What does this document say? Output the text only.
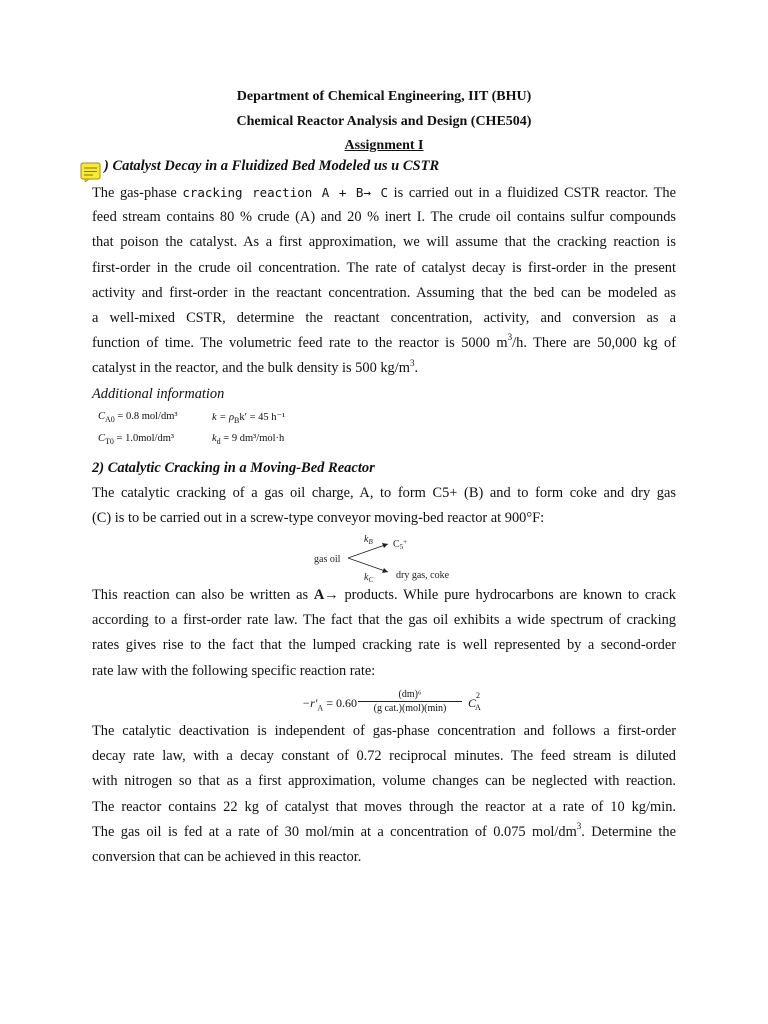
Department of Chemical Engineering, IIT (BHU)
Chemical Reactor Analysis and Design (CHE504)
Assignment I
) Catalyst Decay in a Fluidized Bed Modeled us u CSTR
The gas-phase cracking reaction A + B→ C is carried out in a fluidized CSTR reactor. The
feed stream contains 80 % crude (A) and 20 % inert I. The crude oil contains sulfur compounds
that poison the catalyst. As a first approximation, we will assume that the cracking reaction is
first-order in the crude oil concentration. The rate of catalyst decay is first-order in the present
activity and first-order in the reactant concentration. Assuming that the bed can be modeled as
a well-mixed CSTR, determine the reactant concentration, activity, and conversion as a
function of time. The volumetric feed rate to the reactor is 5000 $m^3/h$. There are 50,000 kg of
catalyst in the reactor, and the bulk density is 500 $kg/m^3$.
Additional information
$C_{A0} = 0.8$ mol/dm³	$k = \rho_Bk' = 45$ h⁻¹
$C_{T0} = 1.0mol/dm^3$	$k_d = 9$ dm³/mol·h
2) Catalytic Cracking in a Moving-Bed Reactor
The catalytic cracking of a gas oil charge, A, to form C5+ (B) and to form coke and dry gas
(C) is to be carried out in a screw-type conveyor moving-bed reactor at 900°F:
gas oil
$k_B$ $C_5^+$
$k_C$ dry gas, coke
This reaction can also be written as A→ products. While pure hydrocarbons are known to crack
according to a first-order rate law. The fact that the gas oil exhibits a wide spectrum of cracking
rates gives rise to the fact that the lumped cracking rate is well represented by a second-order
rate law with the following specific reaction rate:
$-r'_A = 0.60$
(dm)⁶
(g cat.)(mol)(min)	$C^2_A$
The catalytic deactivation is independent of gas-phase concentration and follows a first-order
decay rate law, with a decay constant of 0.72 reciprocal minutes. The feed stream is diluted
with nitrogen so that as a first approximation, volume changes can be neglected with reaction.
The reactor contains 22 kg of catalyst that moves through the reactor at a rate of 10 kg/min.
The gas oil is fed at a rate of 30 mol/min at a concentration of 0.075 mol/$dm^3$. Determine the
conversion that can be achieved in this reactor.
